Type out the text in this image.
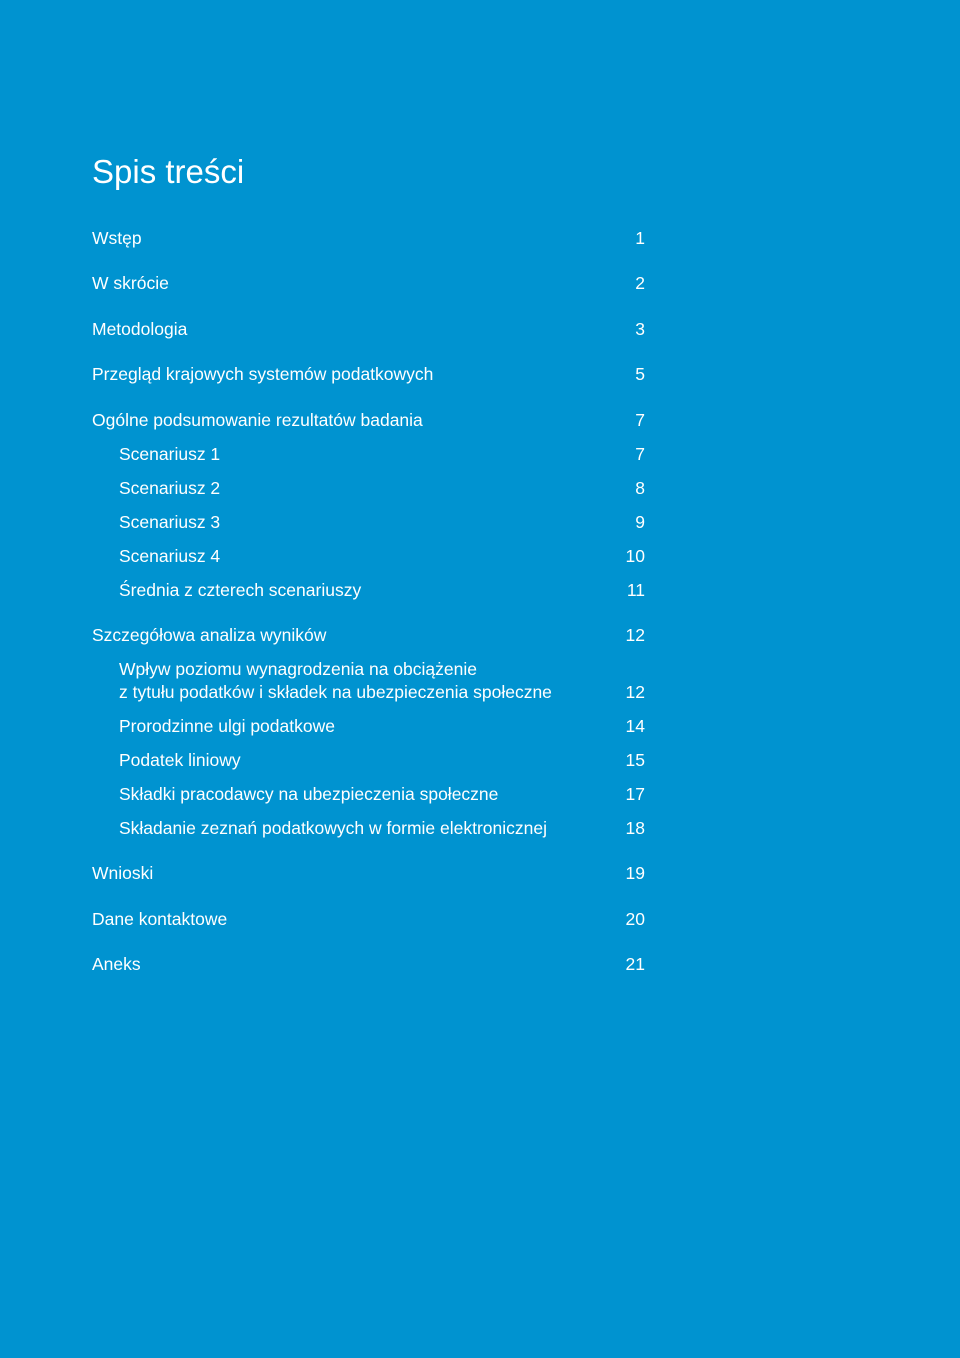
Spis treści
Wstęp	1
W skrócie	2
Metodologia	3
Przegląd krajowych systemów podatkowych	5
Ogólne podsumowanie rezultatów badania	7
Scenariusz 1	7
Scenariusz 2	8
Scenariusz 3	9
Scenariusz 4	10
Średnia z czterech scenariuszy	11
Szczegółowa analiza wyników	12
Wpływ poziomu wynagrodzenia na obciążenie
z tytułu podatków i składek na ubezpieczenia społeczne	12
Prorodzinne ulgi podatkowe	14
Podatek liniowy	15
Składki pracodawcy na ubezpieczenia społeczne	17
Składanie zeznań podatkowych w formie elektronicznej	18
Wnioski	19
Dane kontaktowe	20
Aneks	21
